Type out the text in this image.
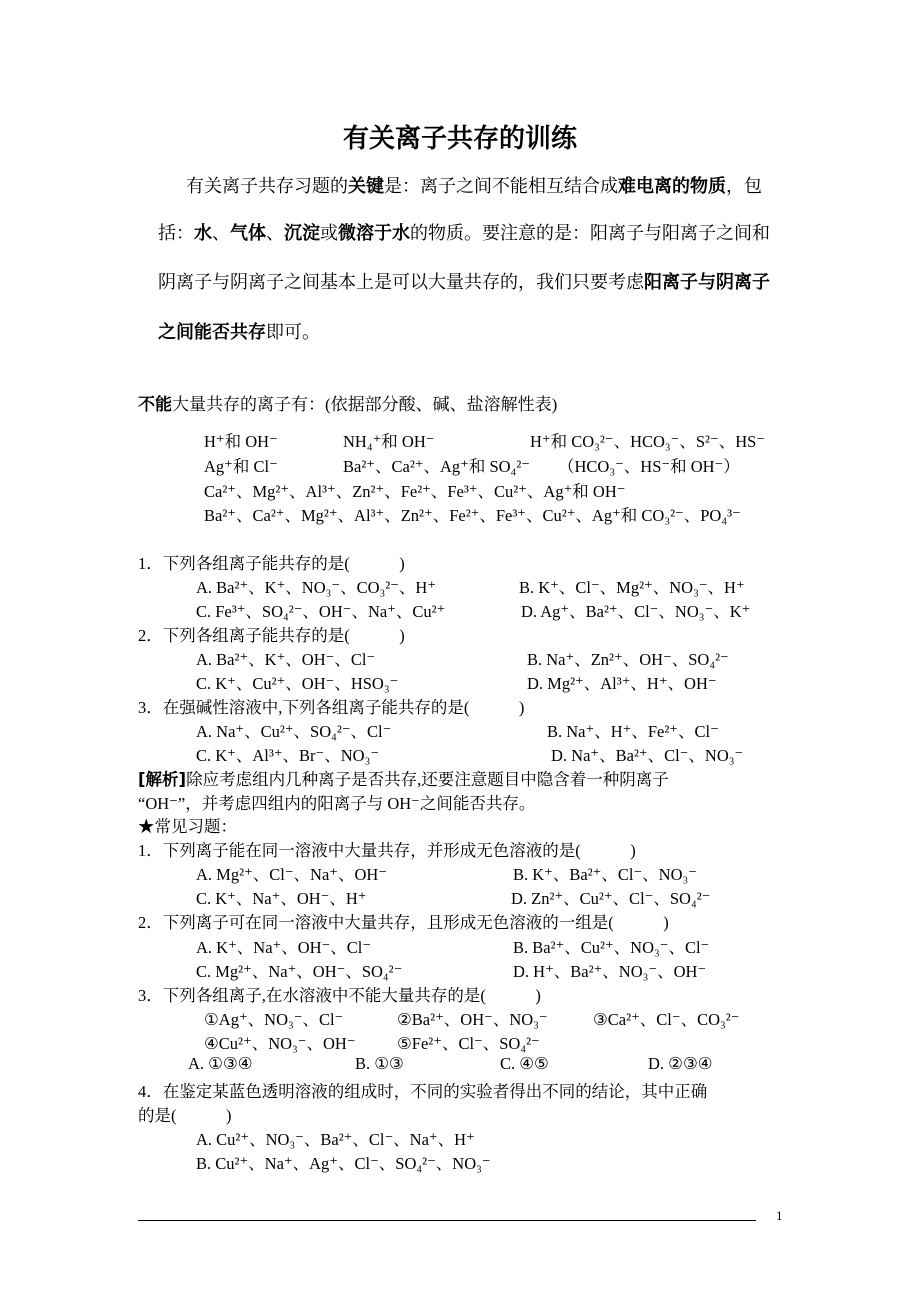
有关离子共存的训练
有关离子共存习题的关键是：离子之间不能相互结合成难电离的物质，包
括：水、气体、沉淀或微溶于水的物质。要注意的是：阳离子与阳离子之间和
阴离子与阴离子之间基本上是可以大量共存的，我们只要考虑阳离子与阴离子
之间能否共存即可。
不能大量共存的离子有：(依据部分酸、碱、盐溶解性表)
H⁺和 OH⁻	NH₄⁺和 OH⁻	H⁺和 CO₃²⁻、HCO₃⁻、S²⁻、HS⁻
Ag⁺和 Cl⁻	Ba²⁺、Ca²⁺、Ag⁺和 SO₄²⁻ （HCO₃⁻、HS⁻和 OH⁻）
Ca²⁺、Mg²⁺、Al³⁺、Zn²⁺、Fe²⁺、Fe³⁺、Cu²⁺、Ag⁺和 OH⁻
Ba²⁺、Ca²⁺、Mg²⁺、Al³⁺、Zn²⁺、Fe²⁺、Fe³⁺、Cu²⁺、Ag⁺和 CO₃²⁻、PO₄³⁻
1．下列各组离子能共存的是(　　　)
A. Ba²⁺、K⁺、NO₃⁻、CO₃²⁻、H⁺	B. K⁺、Cl⁻、Mg²⁺、NO₃⁻、H⁺
C. Fe³⁺、SO₄²⁻、OH⁻、Na⁺、Cu²⁺	D. Ag⁺、Ba²⁺、Cl⁻、NO₃⁻、K⁺
2．下列各组离子能共存的是(　　　)
A. Ba²⁺、K⁺、OH⁻、Cl⁻	B. Na⁺、Zn²⁺、OH⁻、SO₄²⁻
C. K⁺、Cu²⁺、OH⁻、HSO₃⁻	D. Mg²⁺、Al³⁺、H⁺、OH⁻
3．在强碱性溶液中,下列各组离子能共存的是(　　　)
A. Na⁺、Cu²⁺、SO₄²⁻、Cl⁻	B. Na⁺、H⁺、Fe²⁺、Cl⁻
C. K⁺、Al³⁺、Br⁻、NO₃⁻	D. Na⁺、Ba²⁺、Cl⁻、NO₃⁻
[解析]除应考虑组内几种离子是否共存,还要注意题目中隐含着一种阴离子
“OH⁻”，并考虑四组内的阳离子与 OH⁻之间能否共存。
★常见习题：
1．下列离子能在同一溶液中大量共存，并形成无色溶液的是(　　　)
A. Mg²⁺、Cl⁻、Na⁺、OH⁻	B. K⁺、Ba²⁺、Cl⁻、NO₃⁻
C. K⁺、Na⁺、OH⁻、H⁺	D. Zn²⁺、Cu²⁺、Cl⁻、SO₄²⁻
2．下列离子可在同一溶液中大量共存，且形成无色溶液的一组是(　　　)
A. K⁺、Na⁺、OH⁻、Cl⁻	B. Ba²⁺、Cu²⁺、NO₃⁻、Cl⁻
C. Mg²⁺、Na⁺、OH⁻、SO₄²⁻	D. H⁺、Ba²⁺、NO₃⁻、OH⁻
3．下列各组离子,在水溶液中不能大量共存的是(　　　)
①Ag⁺、NO₃⁻、Cl⁻	②Ba²⁺、OH⁻、NO₃⁻	③Ca²⁺、Cl⁻、CO₃²⁻
④Cu²⁺、NO₃⁻、OH⁻	⑤Fe²⁺、Cl⁻、SO₄²⁻
A. ①③④	B. ①③	C. ④⑤	D. ②③④
4．在鉴定某蓝色透明溶液的组成时，不同的实验者得出不同的结论，其中正确
的是(　　　)
A. Cu²⁺、NO₃⁻、Ba²⁺、Cl⁻、Na⁺、H⁺
B. Cu²⁺、Na⁺、Ag⁺、Cl⁻、SO₄²⁻、NO₃⁻
1
